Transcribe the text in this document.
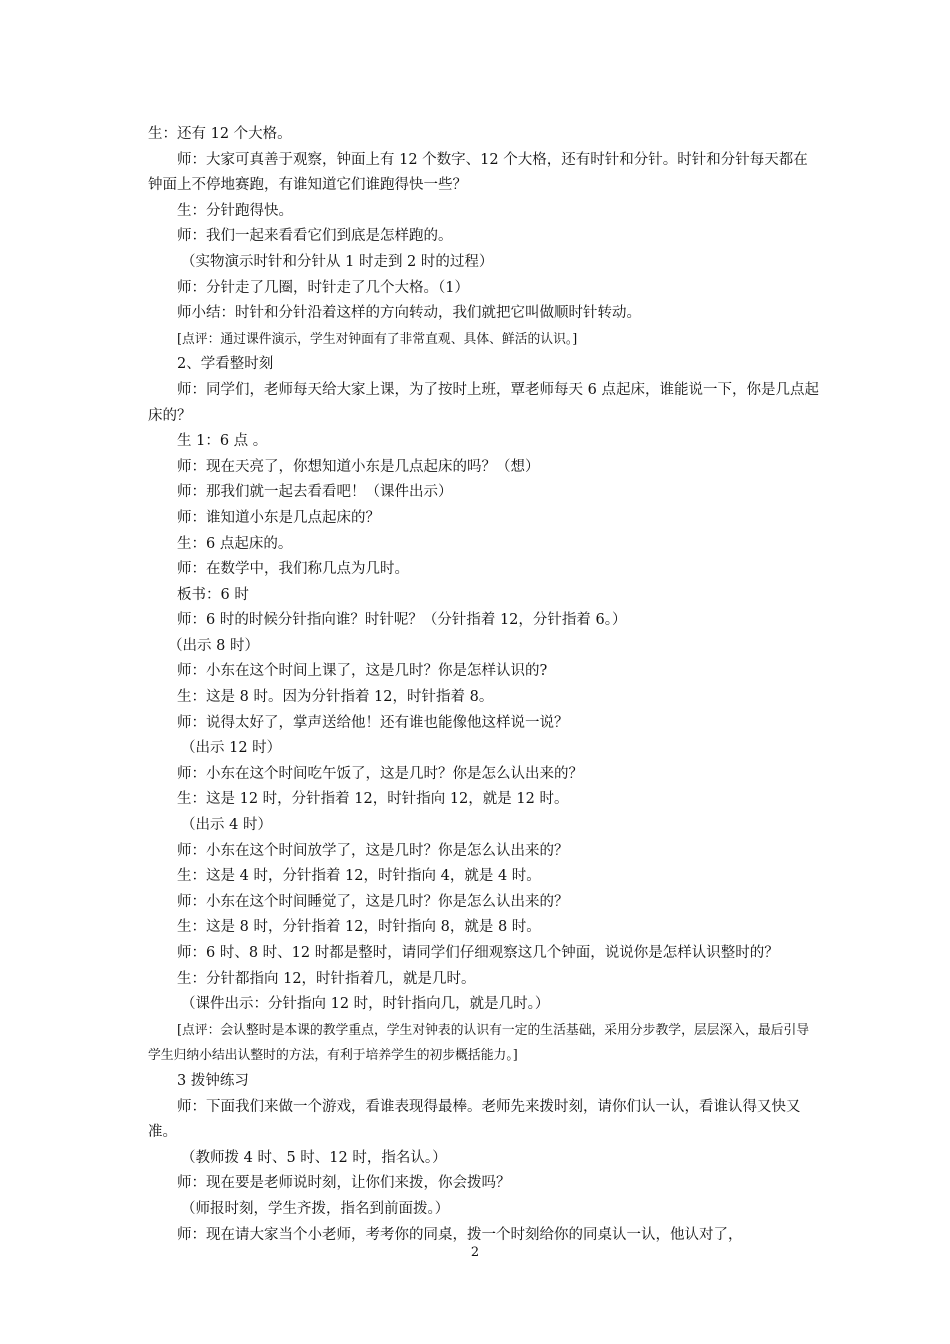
生：还有 12 个大格。

师：大家可真善于观察，钟面上有 12 个数字、12 个大格，还有时针和分针。时针和分针每天都在钟面上不停地赛跑，有谁知道它们谁跑得快一些？

生：分针跑得快。

师：我们一起来看看它们到底是怎样跑的。

（实物演示时针和分针从 1 时走到 2 时的过程）

师：分针走了几圈，时针走了几个大格。（1）

师小结：时针和分针沿着这样的方向转动，我们就把它叫做顺时针转动。

[点评：通过课件演示，学生对钟面有了非常直观、具体、鲜活的认识。]

2、学看整时刻

师：同学们，老师每天给大家上课，为了按时上班，覃老师每天 6 点起床，谁能说一下，你是几点起床的？

生 1：6 点 。

师：现在天亮了，你想知道小东是几点起床的吗？（想）

师：那我们就一起去看看吧！（课件出示）

师：谁知道小东是几点起床的？

生：6 点起床的。

师：在数学中，我们称几点为几时。

板书：6 时

师：6 时的时候分针指向谁？时针呢？（分针指着 12，分针指着 6。）

（出示 8 时）

师：小东在这个时间上课了，这是几时？你是怎样认识的?

生：这是 8 时。因为分针指着 12，时针指着 8。

师：说得太好了，掌声送给他！还有谁也能像他这样说一说？

（出示 12 时）

师：小东在这个时间吃午饭了，这是几时？你是怎么认出来的？

生：这是 12 时，分针指着 12，时针指向 12，就是 12 时。

（出示 4 时）

师：小东在这个时间放学了，这是几时？你是怎么认出来的？

生：这是 4 时，分针指着 12，时针指向 4，就是 4 时。

师：小东在这个时间睡觉了，这是几时？你是怎么认出来的？

生：这是 8 时，分针指着 12，时针指向 8，就是 8 时。

师：6 时、8 时、12 时都是整时，请同学们仔细观察这几个钟面，说说你是怎样认识整时的？

生：分针都指向 12，时针指着几，就是几时。

（课件出示：分针指向 12 时，时针指向几，就是几时。）

[点评：会认整时是本课的教学重点，学生对钟表的认识有一定的生活基础，采用分步教学，层层深入，最后引导学生归纳小结出认整时的方法，有利于培养学生的初步概括能力。]

3 拨钟练习

师：下面我们来做一个游戏，看谁表现得最棒。老师先来拨时刻，请你们认一认，看谁认得又快又准。

（教师拨 4 时、5 时、12 时，指名认。）

师：现在要是老师说时刻，让你们来拨，你会拨吗？

（师报时刻，学生齐拨，指名到前面拨。）

师：现在请大家当个小老师，考考你的同桌，拨一个时刻给你的同桌认一认，他认对了，

2
